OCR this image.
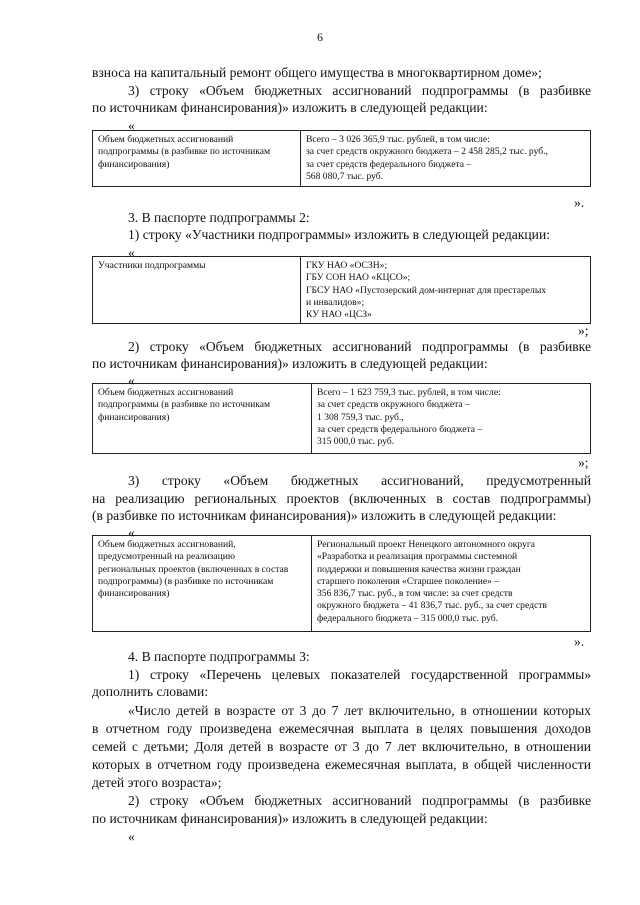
6
взноса на капитальный ремонт общего имущества в многоквартирном доме»;
3) строку «Объем бюджетных ассигнований подпрограммы (в разбивке
по источникам финансирования)» изложить в следующей редакции:
«
Объем бюджетных ассигнований
подпрограммы (в разбивке по источникам
финансирования)

Всего – 3 026 365,9 тыс. рублей, в том числе:
за счет средств окружного бюджета – 2 458 285,2 тыс. руб.,
за счет средств федерального бюджета –
568 080,7 тыс. руб.
».
3. В паспорте подпрограммы 2:
1) строку «Участники подпрограммы» изложить в следующей редакции:
«
Участники подпрограммы	ГКУ НАО «ОСЗН»;
ГБУ СОН НАО «КЦСО»;
ГБСУ НАО «Пустозерский дом-интернат для престарелых
и инвалидов»;
КУ НАО «ЦСЗ»
»;
2) строку «Объем бюджетных ассигнований подпрограммы (в разбивке
по источникам финансирования)» изложить в следующей редакции:
«
Объем бюджетных ассигнований
подпрограммы (в разбивке по источникам
финансирования)

Всего – 1 623 759,3 тыс. рублей, в том числе:
за счет средств окружного бюджета –
1 308 759,3 тыс. руб.,
за счет средств федерального бюджета –
315 000,0 тыс. руб.
»;
3) строку «Объем бюджетных ассигнований, предусмотренный
на реализацию региональных проектов (включенных в состав подпрограммы)
(в разбивке по источникам финансирования)» изложить в следующей редакции:
«
Объем бюджетных ассигнований,
предусмотренный на реализацию
региональных проектов (включенных в состав
подпрограммы) (в разбивке по источникам
финансирования)

Региональный проект Ненецкого автономного округа
«Разработка и реализация программы системной
поддержки и повышения качества жизни граждан
старшего поколения «Старшее поколение» –
356 836,7 тыс. руб., в том числе: за счет средств
окружного бюджета – 41 836,7 тыс. руб., за счет средств
федерального бюджета – 315 000,0 тыс. руб.
».
4. В паспорте подпрограммы 3:
1) строку «Перечень целевых показателей государственной программы»
дополнить словами:
«Число детей в возрасте от 3 до 7 лет включительно, в отношении которых
в отчетном году произведена ежемесячная выплата в целях повышения доходов
семей с детьми; Доля детей в возрасте от 3 до 7 лет включительно, в отношении
которых в отчетном году произведена ежемесячная выплата, в общей численности
детей этого возраста»;
2) строку «Объем бюджетных ассигнований подпрограммы (в разбивке
по источникам финансирования)» изложить в следующей редакции:
«
